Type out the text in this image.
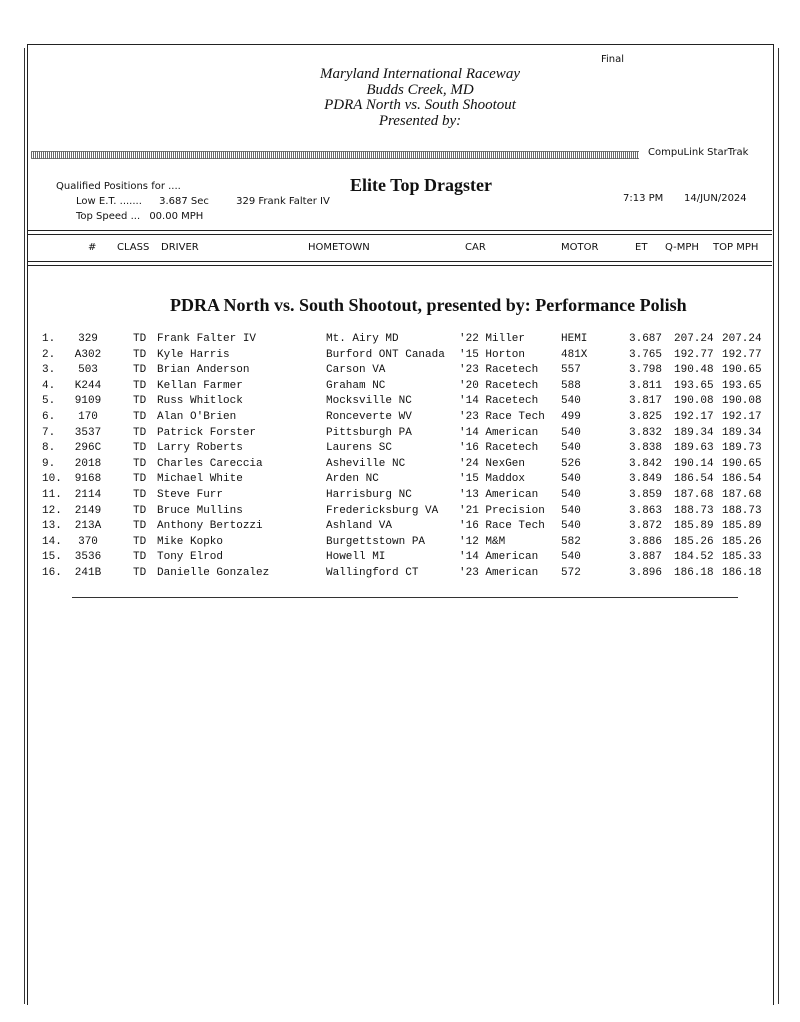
Final
Maryland International Raceway
Budds Creek, MD
PDRA North vs. South Shootout
Presented by:
CompuLink StarTrak
Qualified Positions for ....
Low E.T. ....... 3.687 Sec	329 Frank Falter IV
Top Speed ... 00.00 MPH
Elite Top Dragster
7:13 PM 14/JUN/2024
# CLASS DRIVER	HOMETOWN	CAR	MOTOR	ET Q-MPH TOP MPH
PDRA North vs. South Shootout, presented by: Performance Polish
1.	329	TD Frank Falter IV	Mt. Airy MD	'22 Miller	HEMI	3.687 207.24 207.24
2.	A302	TD Kyle Harris	Burford ONT Canada '15 Horton	481X	3.765 192.77 192.77
3.	503	TD Brian Anderson	Carson VA	'23 Racetech 557	3.798 190.48 190.65
4.	K244	TD Kellan Farmer	Graham NC	'20 Racetech 588	3.811 193.65 193.65
5.	9109	TD Russ Whitlock	Mocksville NC	'14 Racetech 540	3.817 190.08 190.08
6.	170	TD Alan O'Brien	Ronceverte WV	'23 Race Tech 499	3.825 192.17 192.17
7.	3537	TD Patrick Forster	Pittsburgh PA	'14 American 540	3.832 189.34 189.34
8.	296C	TD Larry Roberts	Laurens SC	'16 Racetech 540	3.838 189.63 189.73
9.	2018	TD Charles Careccia	Asheville NC	'24 NexGen	526	3.842 190.14 190.65
10.	9168	TD Michael White	Arden NC	'15 Maddox	540	3.849 186.54 186.54
11.	2114	TD Steve Furr	Harrisburg NC	'13 American 540	3.859 187.68 187.68
12.	2149	TD Bruce Mullins	Fredericksburg VA '21 Precision 540	3.863 188.73 188.73
13.	213A	TD Anthony Bertozzi	Ashland VA	'16 Race Tech 540	3.872 185.89 185.89
14.	370	TD Mike Kopko	Burgettstown PA	'12 M&M	582	3.886 185.26 185.26
15.	3536	TD Tony Elrod	Howell MI	'14 American 540	3.887 184.52 185.33
16.	241B	TD Danielle Gonzalez	Wallingford CT	'23 American 572	3.896 186.18 186.18
